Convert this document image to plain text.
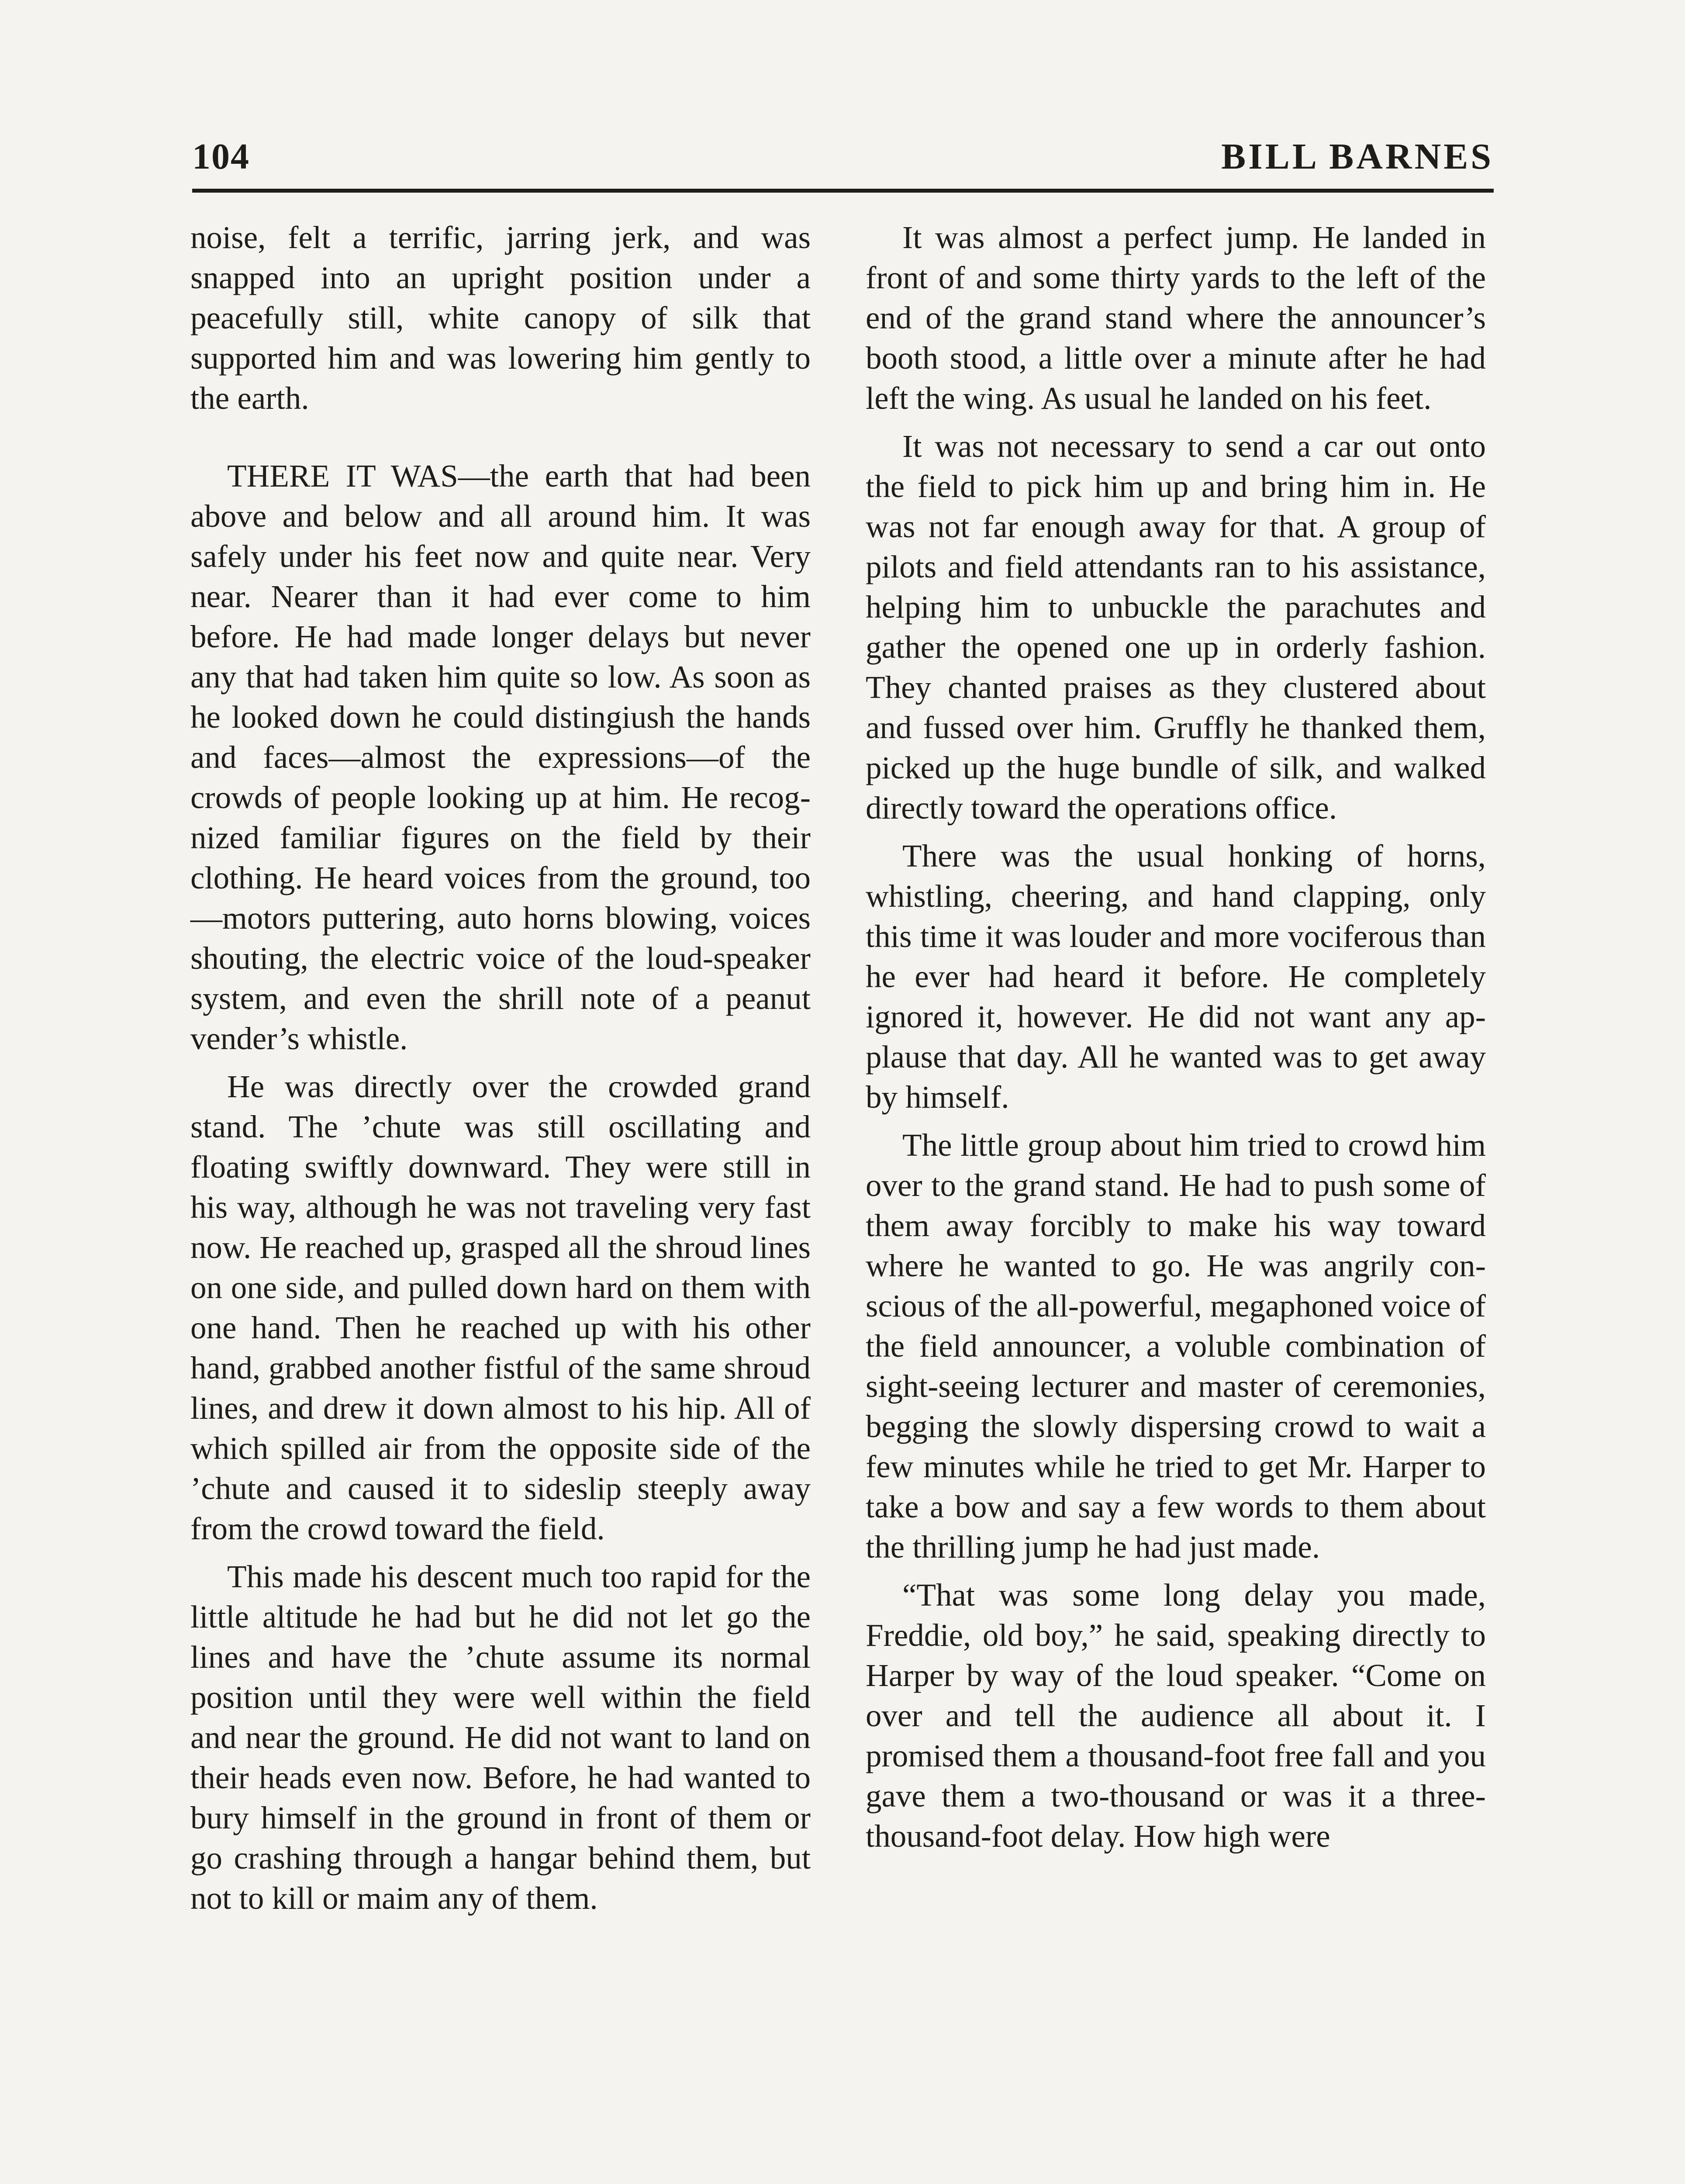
104	BILL BARNES

noise, felt a terrific, jarring jerk, and was snapped into an upright position under a peacefully still, white canopy of silk that supported him and was lowering him gently to the earth.

THERE IT WAS—the earth that had been above and below and all around him. It was safely under his feet now and quite near. Very near. Nearer than it had ever come to him before. He had made longer delays but never any that had taken him quite so low. As soon as he looked down he could distingiush the hands and faces—almost the expressions—of the crowds of people looking up at him. He recognized familiar figures on the field by their clothing. He heard voices from the ground, too—motors puttering, auto horns blowing, voices shouting, the electric voice of the loud-speaker system, and even the shrill note of a peanut vender’s whistle.

He was directly over the crowded grand stand. The ’chute was still oscillating and floating swiftly downward. They were still in his way, although he was not traveling very fast now. He reached up, grasped all the shroud lines on one side, and pulled down hard on them with one hand. Then he reached up with his other hand, grabbed another fistful of the same shroud lines, and drew it down almost to his hip. All of which spilled air from the opposite side of the ’chute and caused it to sideslip steeply away from the crowd toward the field.

This made his descent much too rapid for the little altitude he had but he did not let go the lines and have the ’chute assume its normal position until they were well within the field and near the ground. He did not want to land on their heads even now. Before, he had wanted to bury himself in the ground in front of them or go crashing through a hangar behind them, but not to kill or maim any of them.

It was almost a perfect jump. He landed in front of and some thirty yards to the left of the end of the grand stand where the announcer’s booth stood, a little over a minute after he had left the wing. As usual he landed on his feet.

It was not necessary to send a car out onto the field to pick him up and bring him in. He was not far enough away for that. A group of pilots and field attendants ran to his assistance, helping him to unbuckle the parachutes and gather the opened one up in orderly fashion. They chanted praises as they clustered about and fussed over him. Gruffly he thanked them, picked up the huge bundle of silk, and walked directly toward the operations office.

There was the usual honking of horns, whistling, cheering, and hand clapping, only this time it was louder and more vociferous than he ever had heard it before. He completely ignored it, however. He did not want any applause that day. All he wanted was to get away by himself.

The little group about him tried to crowd him over to the grand stand. He had to push some of them away forcibly to make his way toward where he wanted to go. He was angrily conscious of the all-powerful, megaphoned voice of the field announcer, a voluble combination of sight-seeing lecturer and master of ceremonies, begging the slowly dispersing crowd to wait a few minutes while he tried to get Mr. Harper to take a bow and say a few words to them about the thrilling jump he had just made.

“That was some long delay you made, Freddie, old boy,” he said, speaking directly to Harper by way of the loud speaker. “Come on over and tell the audience all about it. I promised them a thousand-foot free fall and you gave them a two-thousand or was it a three-thousand-foot delay. How high were
